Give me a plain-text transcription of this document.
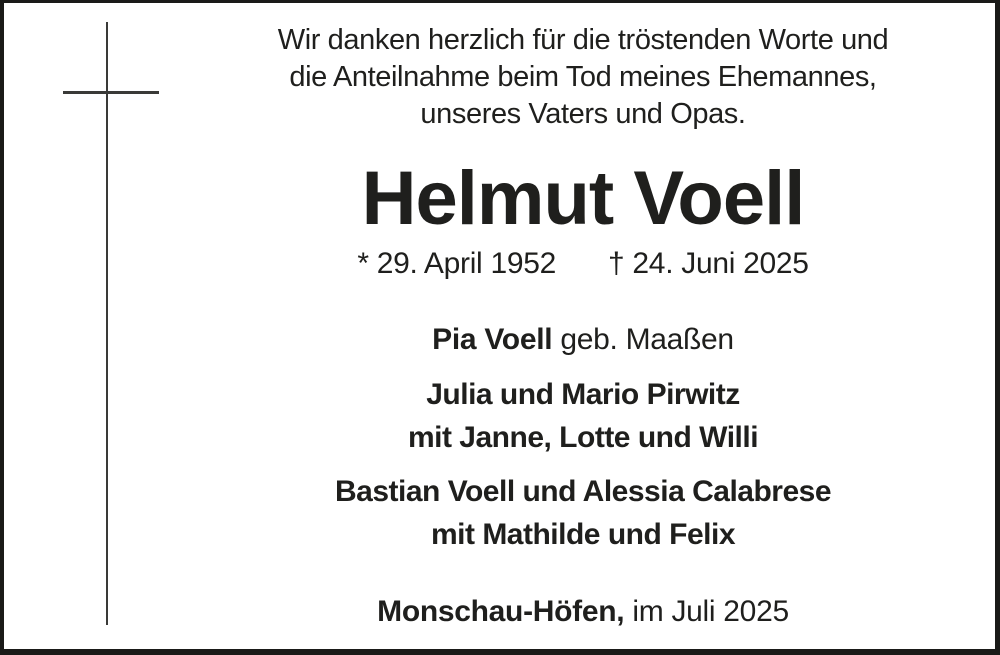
Wir danken herzlich für die tröstenden Worte und
die Anteilnahme beim Tod meines Ehemannes,
unseres Vaters und Opas.
Helmut Voell
* 29. April 1952 † 24. Juni 2025
Pia Voell geb. Maaßen
Julia und Mario Pirwitz
mit Janne, Lotte und Willi
Bastian Voell und Alessia Calabrese
mit Mathilde und Felix
Monschau-Höfen, im Juli 2025
